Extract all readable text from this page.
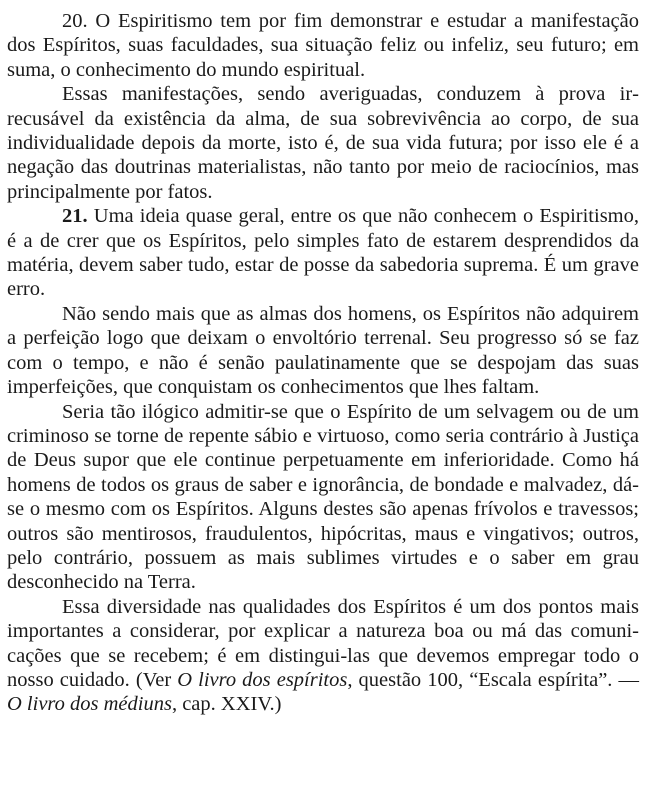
20. O Espiritismo tem por fim demonstrar e estudar a manifestação dos Espíritos, suas faculdades, sua situação feliz ou infeliz, seu futuro; em suma, o conhecimento do mundo espiritual.

Essas manifestações, sendo averiguadas, conduzem à prova irrecusável da existência da alma, de sua sobrevivência ao corpo, de sua individualidade depois da morte, isto é, de sua vida futura; por isso ele é a negação das doutrinas materialistas, não tanto por meio de raciocínios, mas principalmente por fatos.

21. Uma ideia quase geral, entre os que não conhecem o Espiritismo, é a de crer que os Espíritos, pelo simples fato de estarem desprendidos da matéria, devem saber tudo, estar de posse da sabedoria suprema. É um grave erro.

Não sendo mais que as almas dos homens, os Espíritos não adquirem a perfeição logo que deixam o envoltório terrenal. Seu progresso só se faz com o tempo, e não é senão paulatinamente que se despojam das suas imperfeições, que conquistam os conhecimentos que lhes faltam.

Seria tão ilógico admitir-se que o Espírito de um selvagem ou de um criminoso se torne de repente sábio e virtuoso, como seria contrário à Justiça de Deus supor que ele continue perpetuamente em inferioridade. Como há homens de todos os graus de saber e ignorância, de bondade e malvadez, dá-se o mesmo com os Espíritos. Alguns destes são apenas frívolos e travessos; outros são mentirosos, fraudulentos, hipócritas, maus e vingativos; outros, pelo contrário, possuem as mais sublimes virtudes e o saber em grau desconhecido na Terra.

Essa diversidade nas qualidades dos Espíritos é um dos pontos mais importantes a considerar, por explicar a natureza boa ou má das comunicações que se recebem; é em distingui-las que devemos empregar todo o nosso cuidado. (Ver O livro dos espíritos, questão 100, “Escala espírita”. — O livro dos médiuns, cap. XXIV.)
